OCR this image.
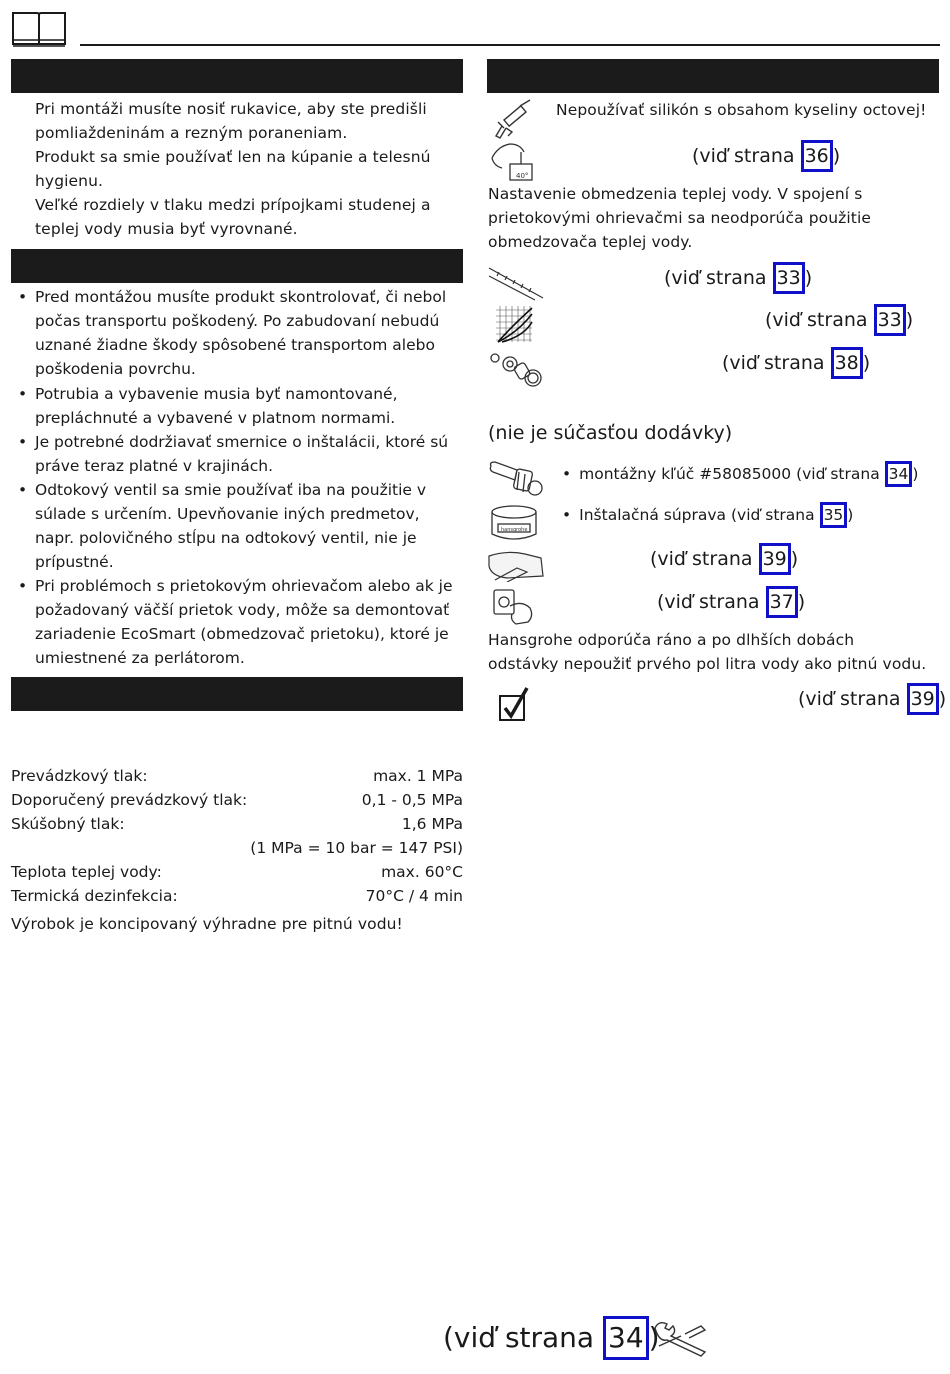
Pri montáži musíte nosiť rukavice, aby ste predišli
pomliaždeninám a rezným poraneniam.
Produkt sa smie používať len na kúpanie a telesnú
hygienu.
Veľké rozdiely v tlaku medzi prípojkami studenej a
teplej vody musia byť vyrovnané.
• Pred montážou musíte produkt skontrolovať, či nebol
počas transportu poškodený. Po zabudovaní nebudú
uznané žiadne škody spôsobené transportom alebo
poškodenia povrchu.
• Potrubia a vybavenie musia byť namontované,
prepláchnuté a vybavené v platnom normami.
• Je potrebné dodržiavať smernice o inštalácii, ktoré sú
práve teraz platné v krajinách.
• Odtokový ventil sa smie používať iba na použitie v
súlade s určením. Upevňovanie iných predmetov,
napr. polovičného stĺpu na odtokový ventil, nie je
prípustné.
• Pri problémoch s prietokovým ohrievačom alebo ak je
požadovaný väčší prietok vody, môže sa demontovať
zariadenie EcoSmart (obmedzovač prietoku), ktoré je
umiestnené za perlátorom.
Prevádzkový tlak:	max. 1 MPa
Doporučený prevádzkový tlak:	0,1 - 0,5 MPa
Skúšobný tlak:	1,6 MPa
(1 MPa = 10 bar = 147 PSI)
Teplota teplej vody:	max. 60°C
Termická dezinfekcia:	70°C / 4 min
Výrobok je koncipovaný výhradne pre pitnú vodu!
Nepoužívať silikón s obsahom kyseliny octovej!
40°
(viď strana 36 )
Nastavenie obmedzenia teplej vody. V spojení s
prietokovými ohrievačmi sa neodporúča použitie
obmedzovača teplej vody.
(viď strana 33 )
(viď strana 33 )
(viď strana 38 )
(nie je súčasťou dodávky)
• montážny kľúč #58085000 (viď strana 34 )
hansgrohe
• Inštalačná súprava (viď strana 35 )
(viď strana 39 )
(viď strana 37 )
Hansgrohe odporúča ráno a po dlhších dobách
odstávky nepoužiť prvého pol litra vody ako pitnú vodu.
(viď strana 39 )
(viď strana 34 )
